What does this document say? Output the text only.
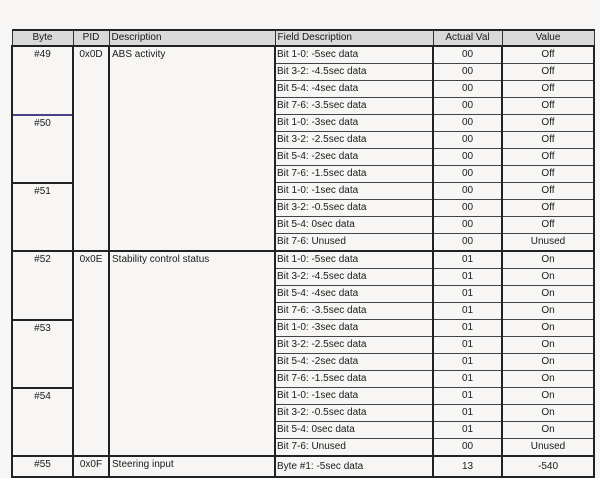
Byte	PID	Description	Field Description	Actual Val	Value
#49	0x0D	ABS activity	Bit 1-0: -5sec data	00	Off
			Bit 3-2: -4.5sec data	00	Off
			Bit 5-4: -4sec data	00	Off
			Bit 7-6: -3.5sec data	00	Off
#50			Bit 1-0: -3sec data	00	Off
			Bit 3-2: -2.5sec data	00	Off
			Bit 5-4: -2sec data	00	Off
			Bit 7-6: -1.5sec data	00	Off
#51			Bit 1-0: -1sec data	00	Off
			Bit 3-2: -0.5sec data	00	Off
			Bit 5-4: 0sec data	00	Off
			Bit 7-6: Unused	00	Unused
#52	0x0E	Stability control status	Bit 1-0: -5sec data	01	On
			Bit 3-2: -4.5sec data	01	On
			Bit 5-4: -4sec data	01	On
			Bit 7-6: -3.5sec data	01	On
#53			Bit 1-0: -3sec data	01	On
			Bit 3-2: -2.5sec data	01	On
			Bit 5-4: -2sec data	01	On
			Bit 7-6: -1.5sec data	01	On
#54			Bit 1-0: -1sec data	01	On
			Bit 3-2: -0.5sec data	01	On
			Bit 5-4: 0sec data	01	On
			Bit 7-6: Unused	00	Unused
#55	0x0F	Steering input	Byte #1: -5sec data	13	-540
